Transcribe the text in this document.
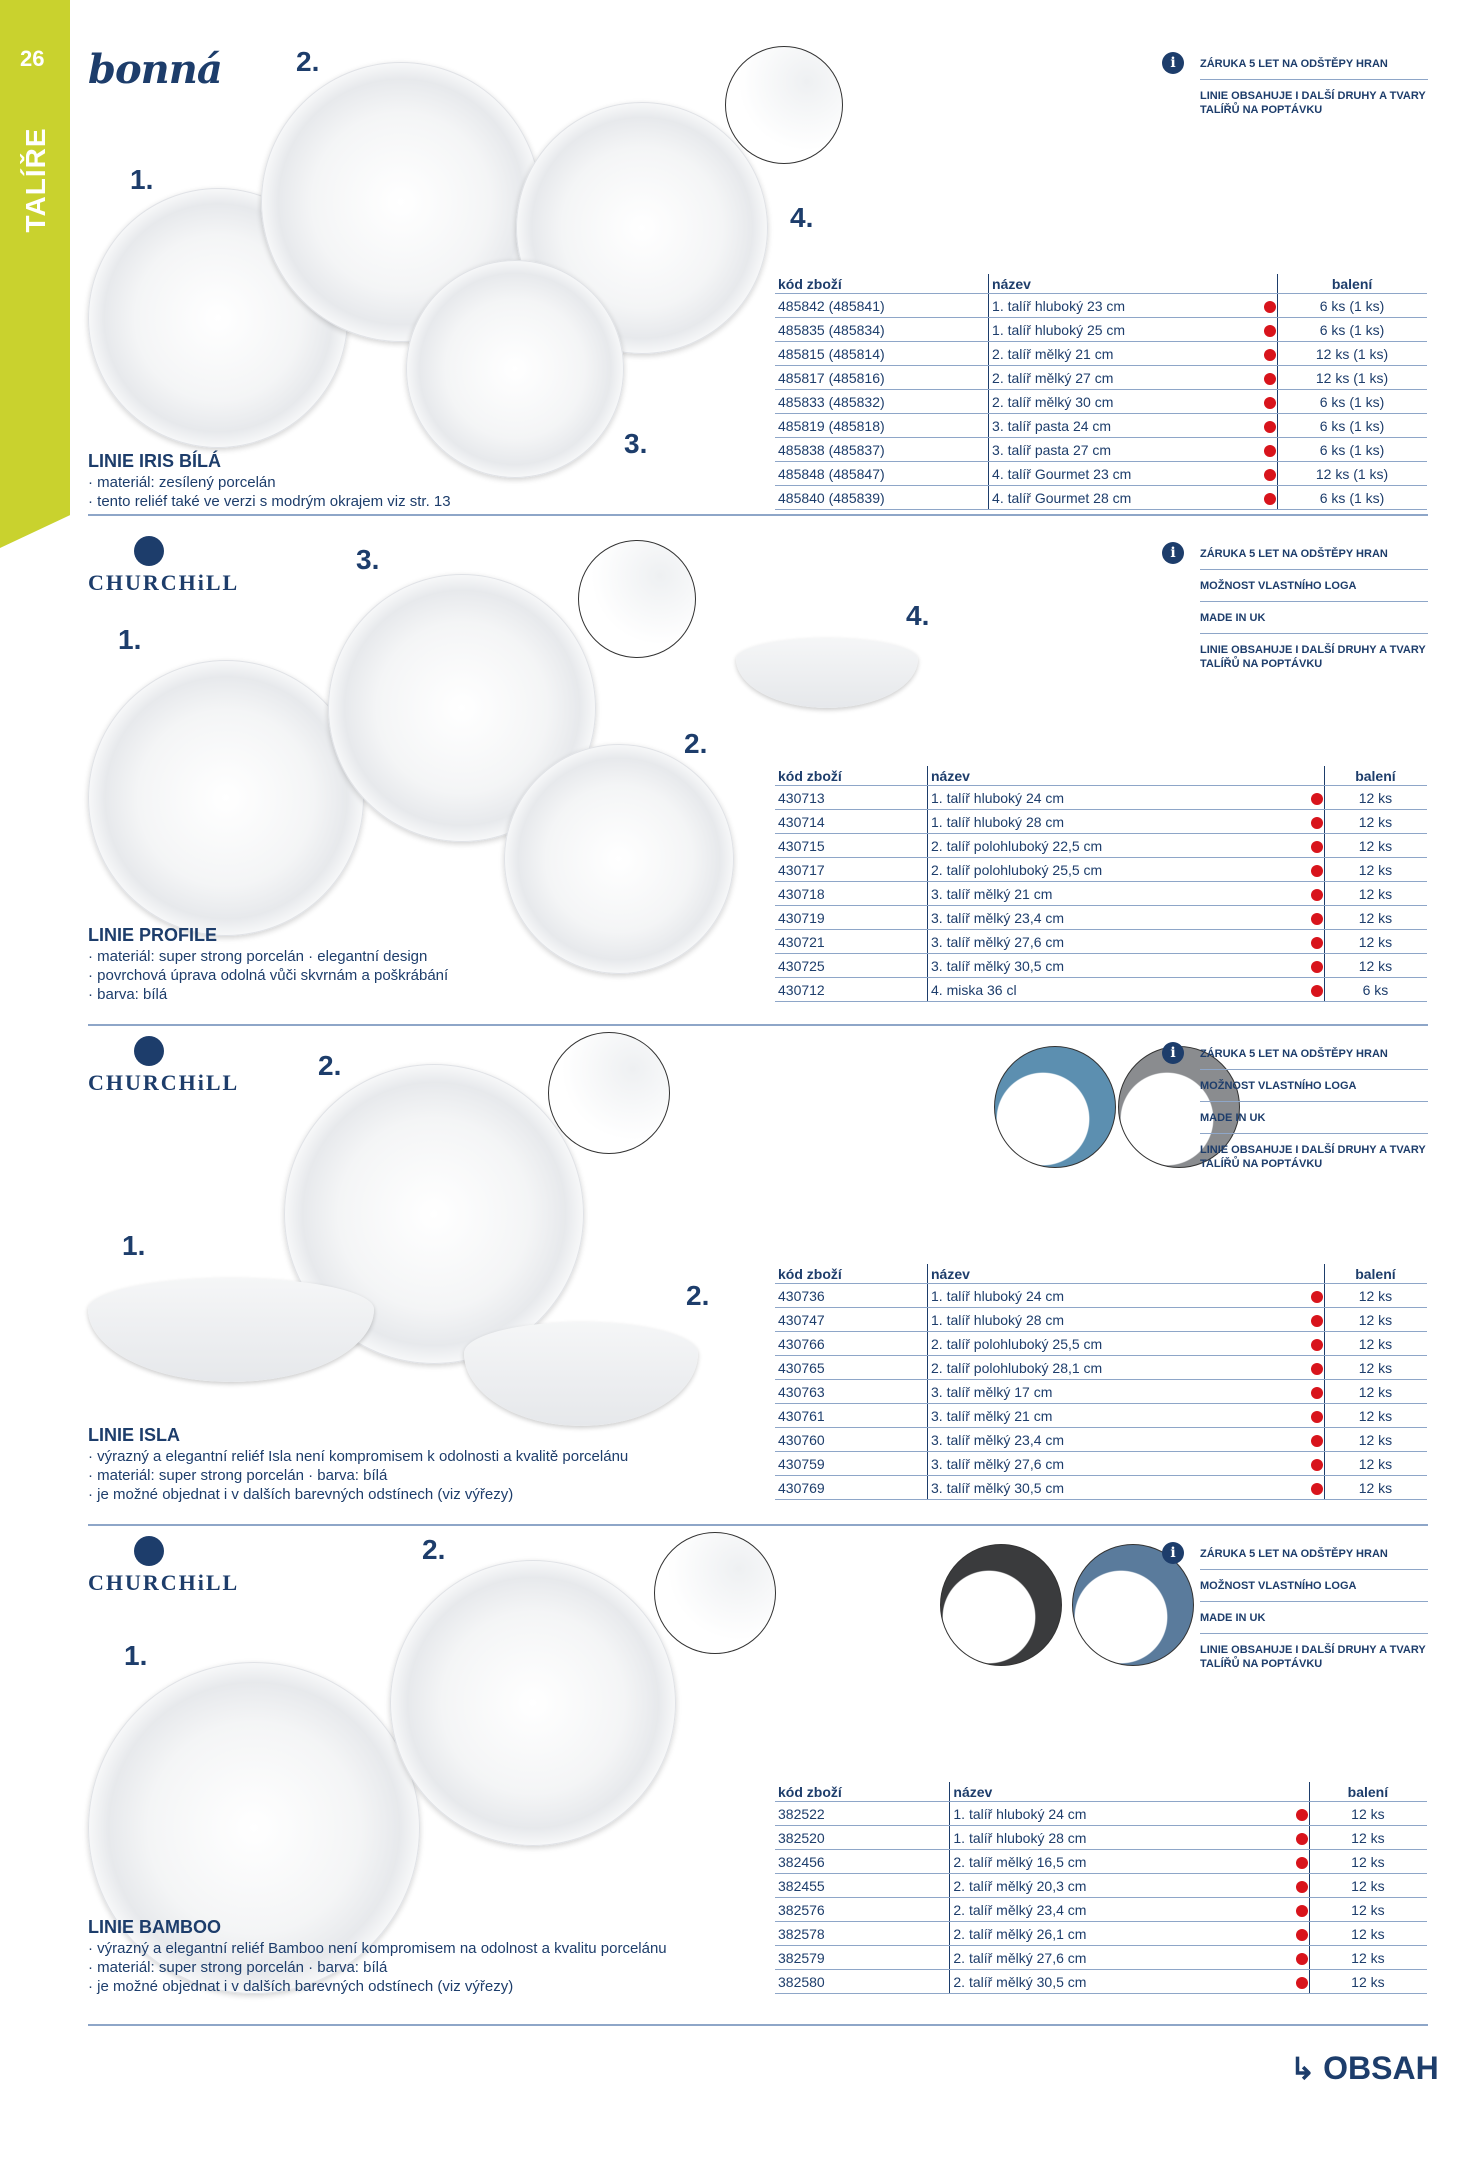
26
TALÍŘE
bonná
1.
2.
3.
4.
i	ZÁRUKA 5 LET NA ODŠTĚPY HRAN
LINIE OBSAHUJE I DALŠÍ DRUHY A TVARY TALÍŘŮ NA POPTÁVKU
LINIE IRIS BÍLÁ
· materiál: zesílený porcelán
· tento reliéf také ve verzi s modrým okrajem viz str. 13
kód zboží	název		balení
485842 (485841)	1. talíř hluboký 23 cm		6 ks (1 ks)
485835 (485834)	1. talíř hluboký 25 cm		6 ks (1 ks)
485815 (485814)	2. talíř mělký 21 cm		12 ks (1 ks)
485817 (485816)	2. talíř mělký 27 cm		12 ks (1 ks)
485833 (485832)	2. talíř mělký 30 cm		6 ks (1 ks)
485819 (485818)	3. talíř pasta 24 cm		6 ks (1 ks)
485838 (485837)	3. talíř pasta 27 cm		6 ks (1 ks)
485848 (485847)	4. talíř Gourmet 23 cm		12 ks (1 ks)
485840 (485839)	4. talíř Gourmet 28 cm		6 ks (1 ks)
CHURCHiLL
1.
2.
3.
4.
i	ZÁRUKA 5 LET NA ODŠTĚPY HRAN
MOŽNOST VLASTNÍHO LOGA
MADE IN UK
LINIE OBSAHUJE I DALŠÍ DRUHY A TVARY TALÍŘŮ NA POPTÁVKU
LINIE PROFILE
· materiál: super strong porcelán · elegantní design
· povrchová úprava odolná vůči skvrnám a poškrábání
· barva: bílá
kód zboží	název		balení
430713	1. talíř hluboký 24 cm		12 ks
430714	1. talíř hluboký 28 cm		12 ks
430715	2. talíř polohluboký 22,5 cm		12 ks
430717	2. talíř polohluboký 25,5 cm		12 ks
430718	3. talíř mělký 21 cm		12 ks
430719	3. talíř mělký 23,4 cm		12 ks
430721	3. talíř mělký 27,6 cm		12 ks
430725	3. talíř mělký 30,5 cm		12 ks
430712	4. miska 36 cl		6 ks
CHURCHiLL
1.
2.
2.
i	ZÁRUKA 5 LET NA ODŠTĚPY HRAN
MOŽNOST VLASTNÍHO LOGA
MADE IN UK
LINIE OBSAHUJE I DALŠÍ DRUHY A TVARY TALÍŘŮ NA POPTÁVKU
LINIE ISLA
· výrazný a elegantní reliéf Isla není kompromisem k odolnosti a kvalitě porcelánu
· materiál: super strong porcelán · barva: bílá
· je možné objednat i v dalších barevných odstínech (viz výřezy)
kód zboží	název		balení
430736	1. talíř hluboký 24 cm		12 ks
430747	1. talíř hluboký 28 cm		12 ks
430766	2. talíř polohluboký 25,5 cm		12 ks
430765	2. talíř polohluboký 28,1 cm		12 ks
430763	3. talíř mělký 17 cm		12 ks
430761	3. talíř mělký 21 cm		12 ks
430760	3. talíř mělký 23,4 cm		12 ks
430759	3. talíř mělký 27,6 cm		12 ks
430769	3. talíř mělký 30,5 cm		12 ks
CHURCHiLL
1.
2.	i	ZÁRUKA 5 LET NA ODŠTĚPY HRAN
MOŽNOST VLASTNÍHO LOGA
MADE IN UK
LINIE OBSAHUJE I DALŠÍ DRUHY A TVARY TALÍŘŮ NA POPTÁVKU
LINIE BAMBOO
· výrazný a elegantní reliéf Bamboo není kompromisem na odolnost a kvalitu porcelánu
· materiál: super strong porcelán · barva: bílá
· je možné objednat i v dalších barevných odstínech (viz výřezy)
kód zboží	název		balení
382522	1. talíř hluboký 24 cm		12 ks
382520	1. talíř hluboký 28 cm		12 ks
382456	2. talíř mělký 16,5 cm		12 ks
382455	2. talíř mělký 20,3 cm		12 ks
382576	2. talíř mělký 23,4 cm		12 ks
382578	2. talíř mělký 26,1 cm		12 ks
382579	2. talíř mělký 27,6 cm		12 ks
382580	2. talíř mělký 30,5 cm		12 ks
↳ OBSAH
